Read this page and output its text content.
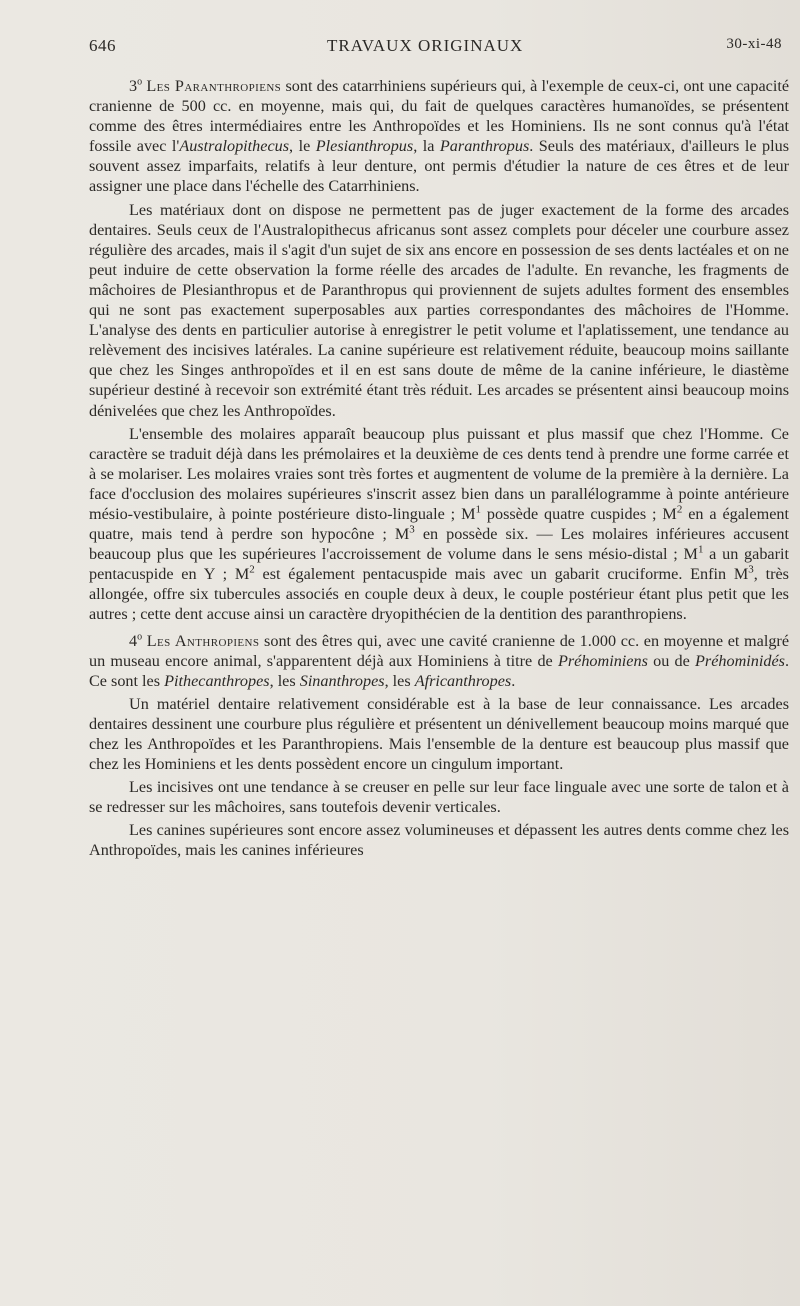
646	TRAVAUX ORIGINAUX	30-xi-48

3$^o$ Les Paranthropiens sont des catarrhiniens supérieurs qui, à l'exemple de ceux-ci, ont une capacité cranienne de 500 cc. en moyenne, mais qui, du fait de quelques caractères humanoïdes, se présentent comme des êtres intermédiaires entre les Anthropoïdes et les Hominiens. Ils ne sont connus qu'à l'état fossile avec l'Australopithecus, le Plesianthropus, la Paranthropus. Seuls des matériaux, d'ailleurs le plus souvent assez imparfaits, relatifs à leur denture, ont permis d'étudier la nature de ces êtres et de leur assigner une place dans l'échelle des Catarrhiniens.

Les matériaux dont on dispose ne permettent pas de juger exactement de la forme des arcades dentaires. Seuls ceux de l'Australopithecus africanus sont assez complets pour déceler une courbure assez régulière des arcades, mais il s'agit d'un sujet de six ans encore en possession de ses dents lactéales et on ne peut induire de cette observation la forme réelle des arcades de l'adulte. En revanche, les fragments de mâchoires de Plesianthropus et de Paranthropus qui proviennent de sujets adultes forment des ensembles qui ne sont pas exactement superposables aux parties correspondantes des mâchoires de l'Homme. L'analyse des dents en particulier autorise à enregistrer le petit volume et l'aplatissement, une tendance au relèvement des incisives latérales. La canine supérieure est relativement réduite, beaucoup moins saillante que chez les Singes anthropoïdes et il en est sans doute de même de la canine inférieure, le diastème supérieur destiné à recevoir son extrémité étant très réduit. Les arcades se présentent ainsi beaucoup moins dénivelées que chez les Anthropoïdes.

L'ensemble des molaires apparaît beaucoup plus puissant et plus massif que chez l'Homme. Ce caractère se traduit déjà dans les prémolaires et la deuxième de ces dents tend à prendre une forme carrée et à se molariser. Les molaires vraies sont très fortes et augmentent de volume de la première à la dernière. La face d'occlusion des molaires supérieures s'inscrit assez bien dans un parallélogramme à pointe antérieure mésio-vestibulaire, à pointe postérieure disto-linguale ; $M^1$ possède quatre cuspides ; $M^2$ en a également quatre, mais tend à perdre son hypocône ; $M^3$ en possède six. — Les molaires inférieures accusent beaucoup plus que les supérieures l'accroissement de volume dans le sens mésio-distal ; $M^1$ a un gabarit pentacuspide en Y ; $M^2$ est également pentacuspide mais avec un gabarit cruciforme. Enfin $M^3$, très allongée, offre six tubercules associés en couple deux à deux, le couple postérieur étant plus petit que les autres ; cette dent accuse ainsi un caractère dryopithécien de la dentition des paranthropiens.

4$^o$ Les Anthropiens sont des êtres qui, avec une cavité cranienne de 1.000 cc. en moyenne et malgré un museau encore animal, s'apparentent déjà aux Hominiens à titre de Préhominiens ou de Préhominidés. Ce sont les Pithecanthropes, les Sinanthropes, les Africanthropes.

Un matériel dentaire relativement considérable est à la base de leur connaissance. Les arcades dentaires dessinent une courbure plus régulière et présentent un dénivellement beaucoup moins marqué que chez les Anthropoïdes et les Paranthropiens. Mais l'ensemble de la denture est beaucoup plus massif que chez les Hominiens et les dents possèdent encore un cingulum important.

Les incisives ont une tendance à se creuser en pelle sur leur face linguale avec une sorte de talon et à se redresser sur les mâchoires, sans toutefois devenir verticales.

Les canines supérieures sont encore assez volumineuses et dépassent les autres dents comme chez les Anthropoïdes, mais les canines inférieures
